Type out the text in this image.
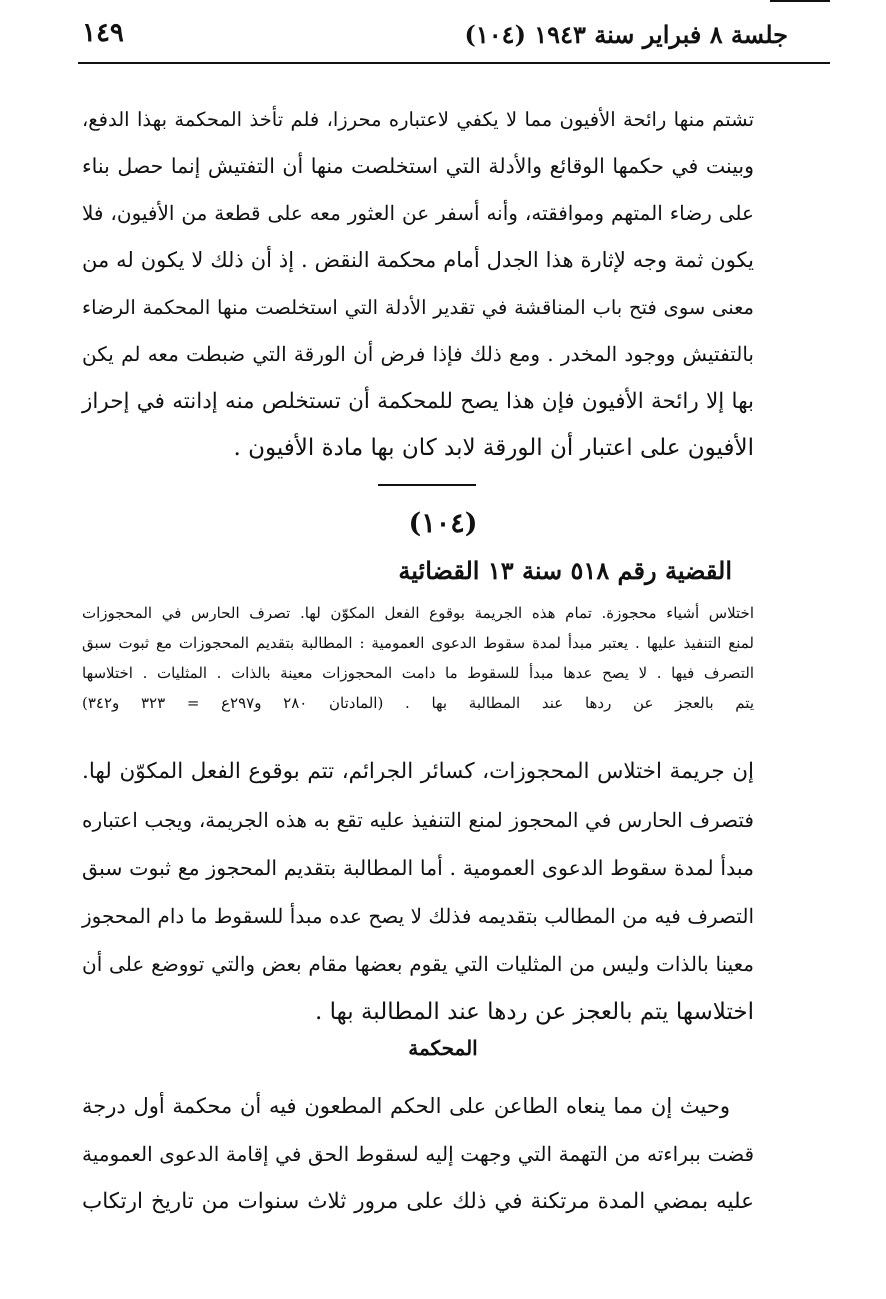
١٤٩	جلسة ٨ فبراير سنة ١٩٤٣ (١٠٤)

تشتم منها رائحة الأفيون مما لا يكفي لاعتباره محرزا، فلم تأخذ المحكمة بهذا الدفع،
وبينت في حكمها الوقائع والأدلة التي استخلصت منها أن التفتيش إنما حصل بناء
على رضاء المتهم وموافقته، وأنه أسفر عن العثور معه على قطعة من الأفيون، فلا
يكون ثمة وجه لإثارة هذا الجدل أمام محكمة النقض . إذ أن ذلك لا يكون له من
معنى سوى فتح باب المناقشة في تقدير الأدلة التي استخلصت منها المحكمة الرضاء
بالتفتيش ووجود المخدر . ومع ذلك فإذا فرض أن الورقة التي ضبطت معه لم يكن
بها إلا رائحة الأفيون فإن هذا يصح للمحكمة أن تستخلص منه إدانته في إحراز
الأفيون على اعتبار أن الورقة لابد كان بها مادة الأفيون .

(١٠٤)
القضية رقم ٥١٨ سنة ١٣ القضائية

اختلاس أشياء محجوزة. تمام هذه الجريمة بوقوع الفعل المكوّن لها. تصرف الحارس في المحجوزات
لمنع التنفيذ عليها . يعتبر مبدأ لمدة سقوط الدعوى العمومية : المطالبة بتقديم المحجوزات مع ثبوت سبق
التصرف فيها . لا يصح عدها مبدأ للسقوط ما دامت المحجوزات معينة بالذات . المثليات . اختلاسها
يتم بالعجز عن ردها عند المطالبة بها . (المادتان ٢٨٠ و٢٩٧ع = ٣٢٣ و٣٤٢)

إن جريمة اختلاس المحجوزات، كسائر الجرائم، تتم بوقوع الفعل المكوّن لها.
فتصرف الحارس في المحجوز لمنع التنفيذ عليه تقع به هذه الجريمة، ويجب اعتباره
مبدأ لمدة سقوط الدعوى العمومية . أما المطالبة بتقديم المحجوز مع ثبوت سبق
التصرف فيه من المطالب بتقديمه فذلك لا يصح عده مبدأ للسقوط ما دام المحجوز
معينا بالذات وليس من المثليات التي يقوم بعضها مقام بعض والتي تووضع على أن
اختلاسها يتم بالعجز عن ردها عند المطالبة بها .

المحكمة

وحيث إن مما ينعاه الطاعن على الحكم المطعون فيه أن محكمة أول درجة
قضت ببراءته من التهمة التي وجهت إليه لسقوط الحق في إقامة الدعوى العمومية
عليه بمضي المدة مرتكنة في ذلك على مرور ثلاث سنوات من تاريخ ارتكاب
